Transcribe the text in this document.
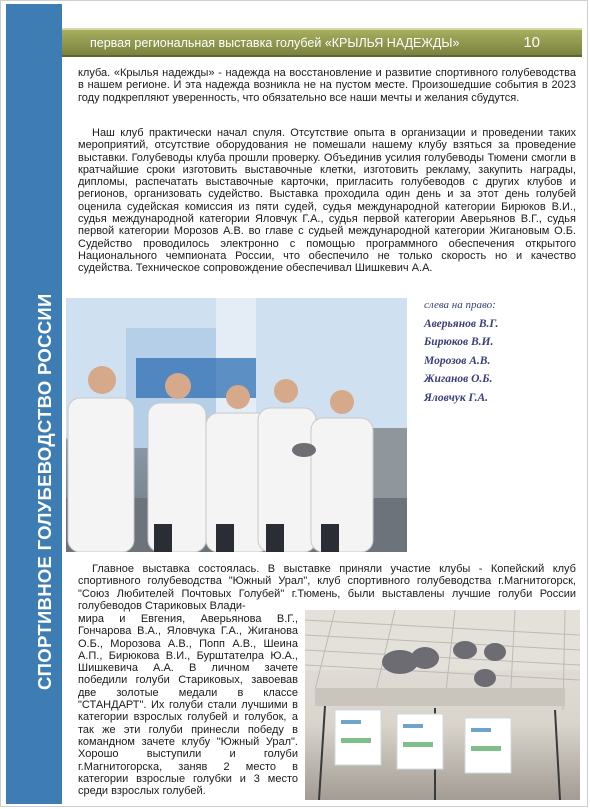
СПОРТИВНОЕ ГОЛУБЕВОДСТВО РОССИИ
первая региональная выставка голубей «КРЫЛЬЯ НАДЕЖДЫ»	10

клуба. «Крылья надежды» - надежда на восстановление и развитие спортивного голубеводства в нашем регионе. И эта надежда возникла не на пустом месте. Произошедшие события в 2023 году подкрепляют уверенность, что обязательно все наши мечты и желания сбудутся.

Наш клуб практически начал сnуля. Отсутствие опыта в организации и проведении таких мероприятий, отсутствие оборудования не помешали нашему клубу взяться за проведение выставки. Голубеводы клуба прошли проверку. Объединив усилия голубеводы Тюмени смогли в кратчайшие сроки изготовить выставочные клетки, изготовить рекламу, закупить награды, дипломы, распечатать выставочные карточки, пригласить голубеводов с других клубов и регионов, организовать судейство. Выставка проходила один день и за этот день голубей оценила судейская комиссия из пяти судей, судья международной категории Бирюков В.И., судья международной категории Яловчук Г.А., судья первой категории Аверьянов В.Г., судья первой категории Морозов А.В. во главе с судьей международной категории Жигановым О.Б. Судейство проводилось электронно с помощью программного обеспечения открытого Национального чемпионата России, что обеспечило не только скорость но и качество судейства. Техническое сопровождение обеспечивал Шишкевич А.А.

слева на право:
Аверьянов В.Г.
Бирюков В.И.
Морозов А.В.
Жиганов О.Б.
Яловчук Г.А.

Главное выставка состоялась. В выставке приняли участие клубы - Копейский клуб спортивного голубеводства "Южный Урал", клуб спортивного голубеводства г.Магнитогорск, "Союз Любителей Почтовых Голубей" г.Тюмень, были выставлены лучшие голуби России голубеводов Стариковых Влади-

мира и Евгения, Аверьянова В.Г., Гончарова В.А., Яловчука Г.А., Жиганова О.Б., Морозова А.В., Попп А.В., Шеина А.П., Бирюкова В.И., Бурштателра Ю.А., Шишкевича А.А. В личном зачете победили голуби Стариковых, завоевав две золотые медали в классе "СТАНДАРТ". Их голуби стали лучшими в категории взрослых голубей и голубок, а так же эти голуби принесли победу в командном зачете клубу "Южный Урал". Хорошо выступили и голуби г.Магнитогорска, заняв 2 место в категории взрослые голубки и 3 место среди взрослых голубей.
